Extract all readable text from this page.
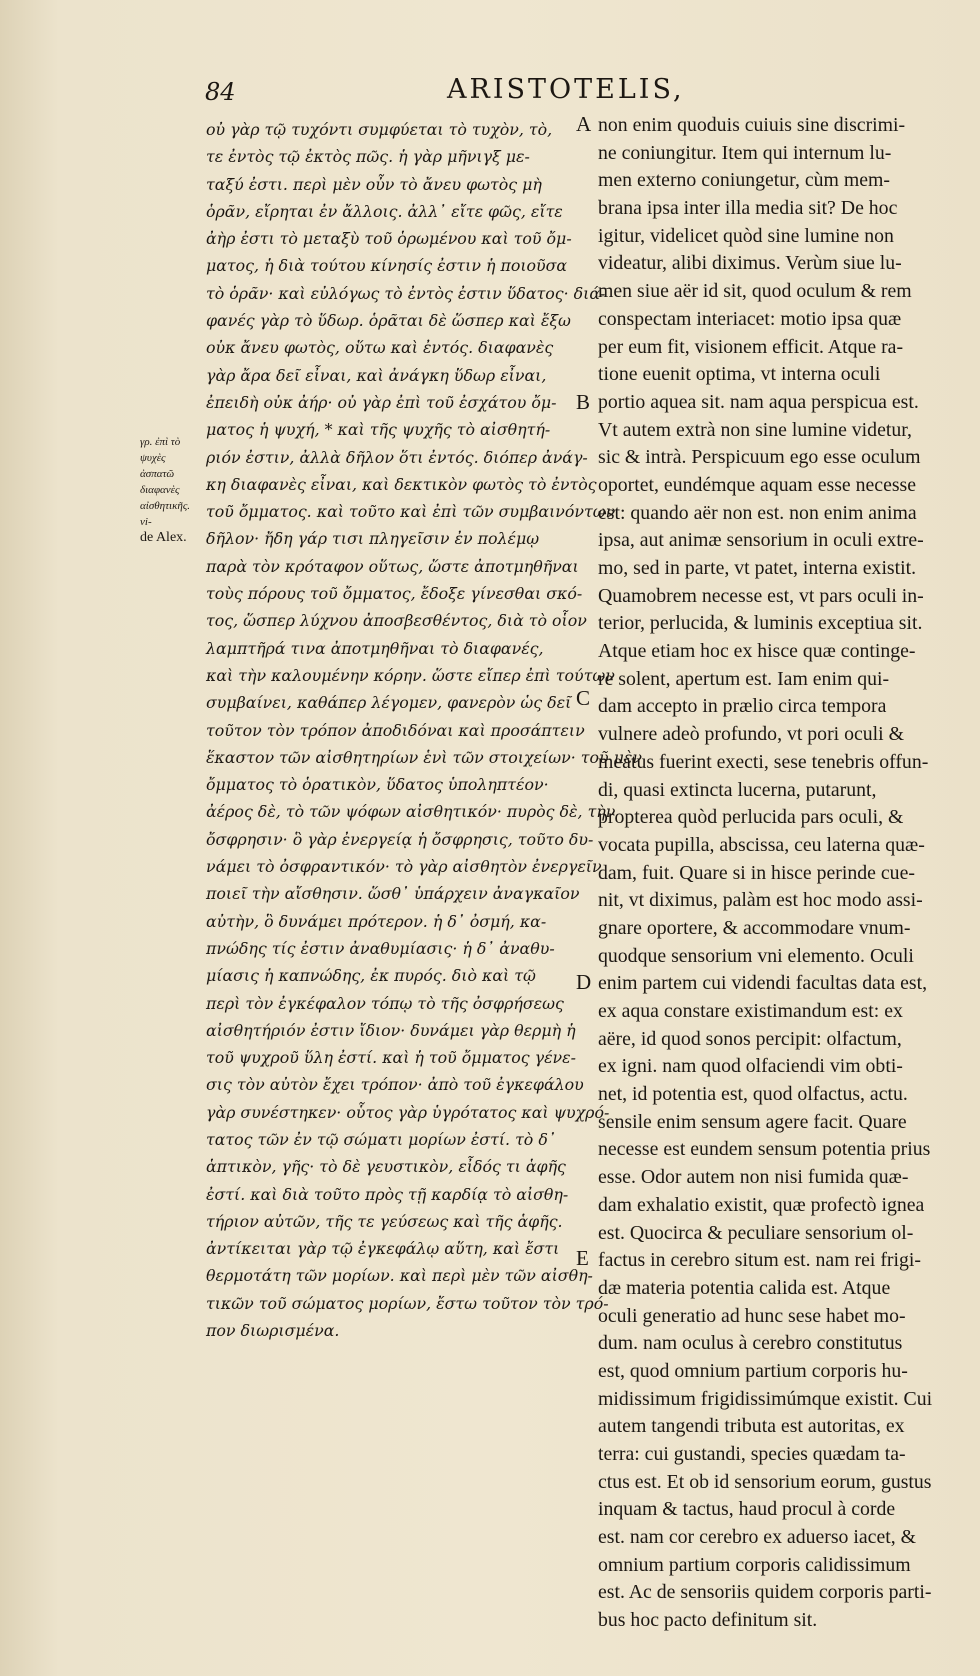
84	ARISTOTELIS,
γρ. ἐπὶ τὸ ψυχὲς ἀσπατῶ διαφανὲς αἰσθητικῆς. vi-
de Alex.
οὐ γὰρ τῷ τυχόντι συμφύεται τὸ τυχὸν, τὸ,
τε ἐντὸς τῷ ἐκτὸς πῶς. ἡ γὰρ μῆνιγξ με-
ταξύ ἐστι. περὶ μὲν οὖν τὸ ἄνευ φωτὸς μὴ
ὁρᾶν, εἴρηται ἐν ἄλλοις. ἀλλ᾽ εἴτε φῶς, εἴτε
ἀὴρ ἐστι τὸ μεταξὺ τοῦ ὁρωμένου καὶ τοῦ ὄμ-
ματος, ἡ διὰ τούτου κίνησίς ἐστιν ἡ ποιοῦσα
τὸ ὁρᾶν· καὶ εὐλόγως τὸ ἐντὸς ἐστιν ὕδατος· διά-
φανές γὰρ τὸ ὕδωρ. ὁρᾶται δὲ ὥσπερ καὶ ἔξω
οὐκ ἄνευ φωτὸς, οὕτω καὶ ἐντός. διαφανὲς
γὰρ ἄρα δεῖ εἶναι, καὶ ἀνάγκη ὕδωρ εἶναι,
ἐπειδὴ οὐκ ἀήρ· οὐ γὰρ ἐπὶ τοῦ ἐσχάτου ὄμ-
ματος ἡ ψυχή, * καὶ τῆς ψυχῆς τὸ αἰσθητή-
ριόν ἐστιν, ἀλλὰ δῆλον ὅτι ἐντός. διόπερ ἀνάγ-
κη διαφανὲς εἶναι, καὶ δεκτικὸν φωτὸς τὸ ἐντὸς
τοῦ ὄμματος. καὶ τοῦτο καὶ ἐπὶ τῶν συμβαινόντων
δῆλον· ἤδη γάρ τισι πληγεῖσιν ἐν πολέμῳ
παρὰ τὸν κρόταφον οὕτως, ὥστε ἀποτμηθῆναι
τοὺς πόρους τοῦ ὄμματος, ἔδοξε γίνεσθαι σκό-
τος, ὥσπερ λύχνου ἀποσβεσθέντος, διὰ τὸ οἷον
λαμπτῆρά τινα ἀποτμηθῆναι τὸ διαφανές,
καὶ τὴν καλουμένην κόρην. ὥστε εἴπερ ἐπὶ τούτων
συμβαίνει, καθάπερ λέγομεν, φανερὸν ὡς δεῖ
τοῦτον τὸν τρόπον ἀποδιδόναι καὶ προσάπτειν
ἕκαστον τῶν αἰσθητηρίων ἑνὶ τῶν στοιχείων· τοῦ μὲν
ὄμματος τὸ ὁρατικὸν, ὕδατος ὑποληπτέον·
ἀέρος δὲ, τὸ τῶν ψόφων αἰσθητικόν· πυρὸς δὲ, τὴν
ὄσφρησιν· ὃ γὰρ ἐνεργείᾳ ἡ ὄσφρησις, τοῦτο δυ-
νάμει τὸ ὀσφραντικόν· τὸ γὰρ αἰσθητὸν ἐνεργεῖν
ποιεῖ τὴν αἴσθησιν. ὥσθ᾽ ὑπάρχειν ἀναγκαῖον
αὐτὴν, ὃ δυνάμει πρότερον. ἡ δ᾽ ὀσμή, κα-
πνώδης τίς ἐστιν ἀναθυμίασις· ἡ δ᾽ ἀναθυ-
μίασις ἡ καπνώδης, ἐκ πυρός. διὸ καὶ τῷ
περὶ τὸν ἐγκέφαλον τόπῳ τὸ τῆς ὀσφρήσεως
αἰσθητήριόν ἐστιν ἴδιον· δυνάμει γὰρ θερμὴ ἡ
τοῦ ψυχροῦ ὕλη ἐστί. καὶ ἡ τοῦ ὄμματος γένε-
σις τὸν αὐτὸν ἔχει τρόπον· ἀπὸ τοῦ ἐγκεφάλου
γὰρ συνέστηκεν· οὗτος γὰρ ὑγρότατος καὶ ψυχρό-
τατος τῶν ἐν τῷ σώματι μορίων ἐστί. τὸ δ᾽
ἁπτικὸν, γῆς· τὸ δὲ γευστικὸν, εἶδός τι ἁφῆς
ἐστί. καὶ διὰ τοῦτο πρὸς τῇ καρδίᾳ τὸ αἰσθη-
τήριον αὐτῶν, τῆς τε γεύσεως καὶ τῆς ἁφῆς.
ἀντίκειται γὰρ τῷ ἐγκεφάλῳ αὕτη, καὶ ἔστι
θερμοτάτη τῶν μορίων. καὶ περὶ μὲν τῶν αἰσθη-
τικῶν τοῦ σώματος μορίων, ἔστω τοῦτον τὸν τρό-
πον διωρισμένα.
non enim quoduis cuiuis sine discrimi-
ne coniungitur. Item qui internum lu-
men externo coniungetur, cùm mem-
brana ipsa inter illa media sit? De hoc
igitur, videlicet quòd sine lumine non
videatur, alibi diximus. Verùm siue lu-
men siue aër id sit, quod oculum & rem
conspectam interiacet: motio ipsa quæ
per eum fit, visionem efficit. Atque ra-
tione euenit optima, vt interna oculi
portio aquea sit. nam aqua perspicua est.
Vt autem extrà non sine lumine videtur,
sic & intrà. Perspicuum ego esse oculum
oportet, eundémque aquam esse necesse
est: quando aër non est. non enim anima
ipsa, aut animæ sensorium in oculi extre-
mo, sed in parte, vt patet, interna existit.
Quamobrem necesse est, vt pars oculi in-
terior, perlucida, & luminis exceptiua sit.
Atque etiam hoc ex hisce quæ continge-
re solent, apertum est. Iam enim qui-
dam accepto in prælio circa tempora
vulnere adeò profundo, vt pori oculi &
meatus fuerint execti, sese tenebris offun-
di, quasi extincta lucerna, putarunt,
propterea quòd perlucida pars oculi, &
vocata pupilla, abscissa, ceu laterna quæ-
dam, fuit. Quare si in hisce perinde cue-
nit, vt diximus, palàm est hoc modo assi-
gnare oportere, & accommodare vnum-
quodque sensorium vni elemento. Oculi
enim partem cui videndi facultas data est,
ex aqua constare existimandum est: ex
aëre, id quod sonos percipit: olfactum,
ex igni. nam quod olfaciendi vim obti-
net, id potentia est, quod olfactus, actu.
sensile enim sensum agere facit. Quare
necesse est eundem sensum potentia prius
esse. Odor autem non nisi fumida quæ-
dam exhalatio existit, quæ profectò ignea
est. Quocirca & peculiare sensorium ol-
factus in cerebro situm est. nam rei frigi-
dæ materia potentia calida est. Atque
oculi generatio ad hunc sese habet mo-
dum. nam oculus à cerebro constitutus
est, quod omnium partium corporis hu-
midissimum frigidissimúmque existit. Cui
autem tangendi tributa est autoritas, ex
terra: cui gustandi, species quædam ta-
ctus est. Et ob id sensorium eorum, gustus
inquam & tactus, haud procul à corde
est. nam cor cerebro ex aduerso iacet, &
omnium partium corporis calidissimum
est. Ac de sensoriis quidem corporis parti-
bus hoc pacto definitum sit.
A
B
C
D
E
